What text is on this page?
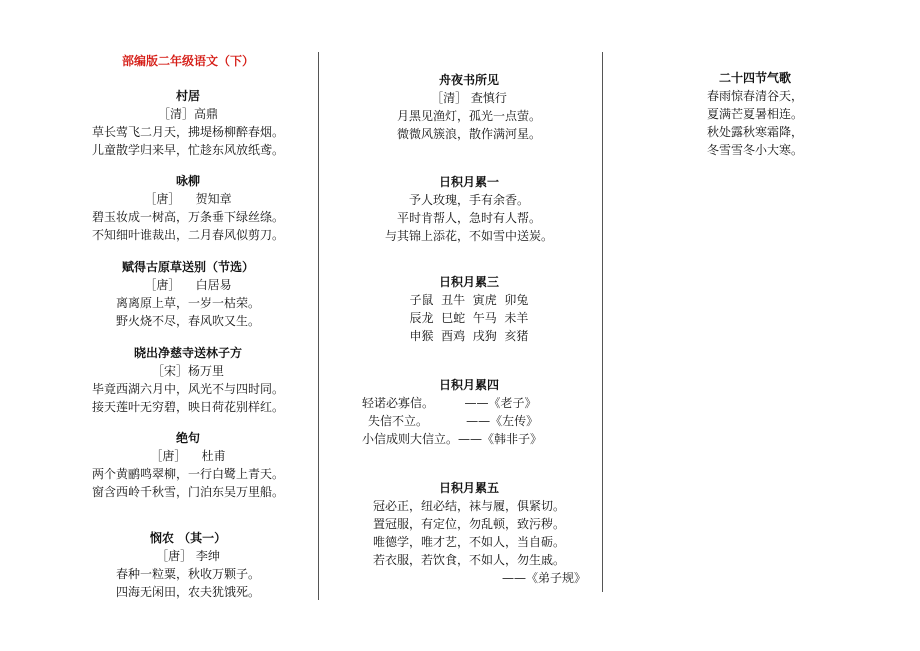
部编版二年级语文（下）
村居
［清］高鼎
草长莺飞二月天，拂堤杨柳醉春烟。
儿童散学归来早，忙趁东风放纸鸢。
咏柳
［唐］    贺知章
碧玉妆成一树高，万条垂下绿丝绦。
不知细叶谁裁出，二月春风似剪刀。
赋得古原草送别（节选）
［唐］    白居易
离离原上草，一岁一枯荣。
野火烧不尽，春风吹又生。
晓出净慈寺送林子方
［宋］杨万里
毕竟西湖六月中，风光不与四时同。
接天莲叶无穷碧，映日荷花别样红。
绝句
［唐］    杜甫
两个黄鹂鸣翠柳，一行白鹭上青天。
窗含西岭千秋雪，门泊东吴万里船。
悯农 （其一）
［唐］ 李绅
春种一粒粟，秋收万颗子。
四海无闲田，农夫犹饿死。
舟夜书所见
［清］ 查慎行
月黑见渔灯，孤光一点萤。
微微风簇浪，散作满河星。
日积月累一
予人玫瑰，手有余香。
平时肯帮人，急时有人帮。
与其锦上添花，不如雪中送炭。
日积月累三
子鼠  丑牛  寅虎  卯兔
辰龙  巳蛇  午马  未羊
申猴  酉鸡  戌狗  亥猪
日积月累四
轻诺必寡信。        ——《老子》
失信不立。          ——《左传》
小信成则大信立。——《韩非子》
日积月累五
冠必正，纽必结，袜与履，俱紧切。
置冠服，有定位，勿乱顿，致污秽。
唯德学，唯才艺，不如人，当自砺。
若衣服，若饮食，不如人，勿生戚。
——《弟子规》
二十四节气歌
春雨惊春清谷天，
夏满芒夏暑相连。
秋处露秋寒霜降，
冬雪雪冬小大寒。
